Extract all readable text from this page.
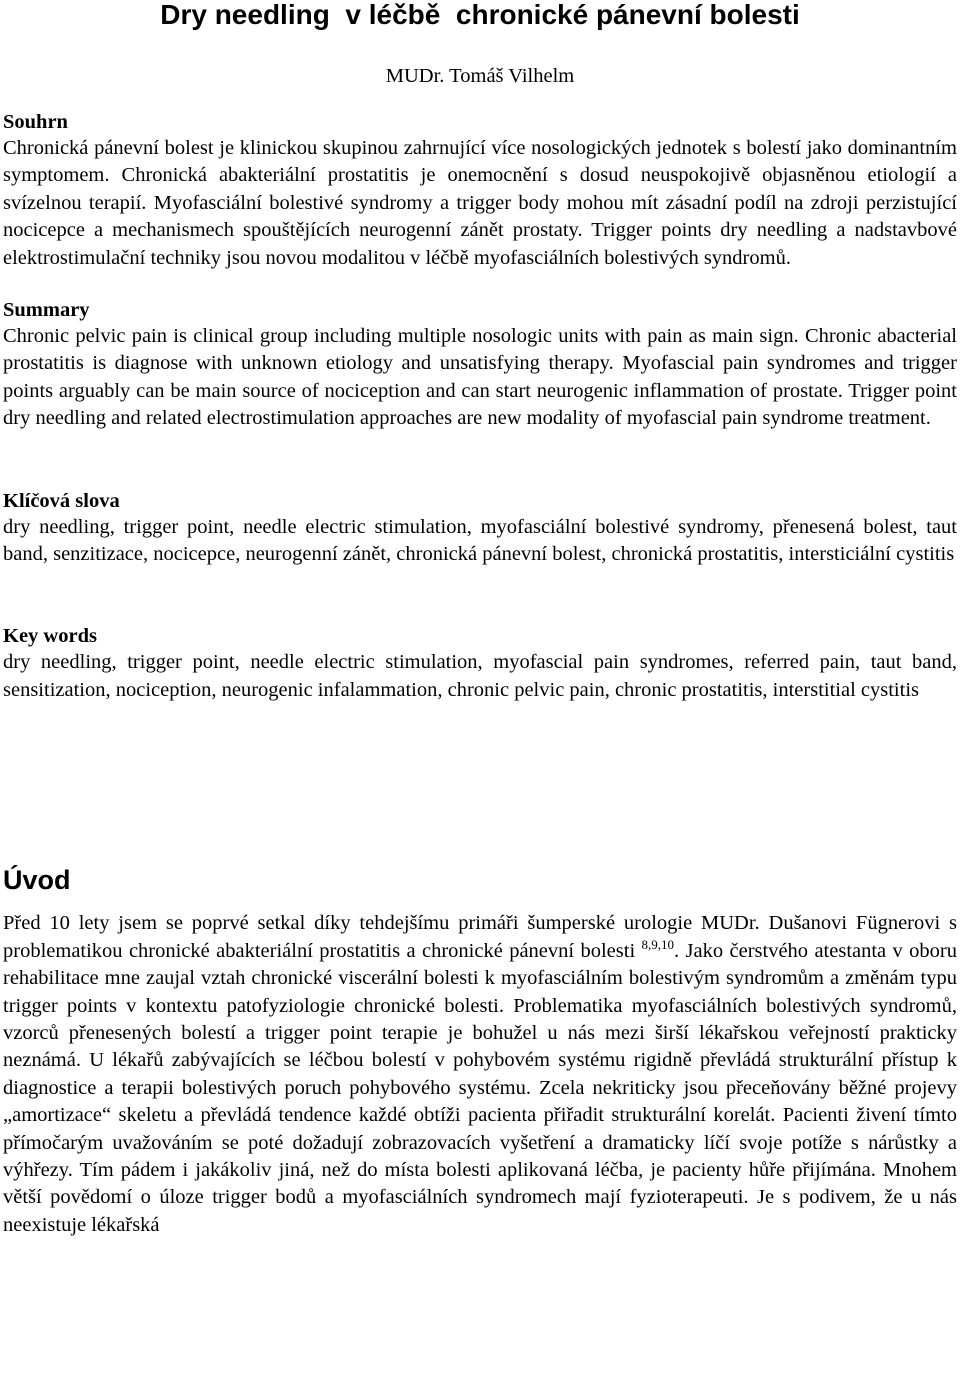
Dry needling  v léčbě  chronické pánevní bolesti
MUDr. Tomáš Vilhelm
Souhrn

Chronická pánevní bolest je klinickou skupinou zahrnující více nosologických jednotek s bolestí jako dominantním symptomem. Chronická abakteriální prostatitis je onemocnění s dosud neuspokojivě objasněnou etiologií a svízelnou terapií. Myofasciální bolestivé syndromy a trigger body mohou mít zásadní podíl na zdroji perzistující nocicepce a mechanismech spouštějících neurogenní zánět prostaty. Trigger points dry needling a nadstavbové elektrostimulační techniky jsou novou modalitou v léčbě myofasciálních bolestivých syndromů.

Summary

Chronic pelvic pain is clinical group including multiple nosologic units with pain as main sign. Chronic abacterial prostatitis is diagnose with unknown etiology and unsatisfying therapy. Myofascial pain syndromes and trigger points arguably can be main source of nociception and can start neurogenic inflammation of prostate. Trigger point dry needling and related electrostimulation approaches are new modality of myofascial pain syndrome treatment.

Klíčová slova

dry needling, trigger point, needle electric stimulation, myofasciální bolestivé syndromy, přenesená bolest, taut band, senzitizace, nocicepce, neurogenní zánět, chronická pánevní bolest, chronická prostatitis, intersticiální cystitis

Key words

dry needling, trigger point, needle electric stimulation, myofascial pain syndromes, referred pain, taut band, sensitization, nociception, neurogenic infalammation, chronic pelvic pain, chronic prostatitis, interstitial cystitis

Úvod

Před 10 lety jsem se poprvé setkal díky tehdejšímu primáři šumperské urologie MUDr. Dušanovi Fügnerovi s problematikou chronické abakteriální prostatitis a chronické pánevní bolesti $^{8,9,10}$. Jako čerstvého atestanta v oboru rehabilitace mne zaujal vztah chronické viscerální bolesti k myofasciálním bolestivým syndromům a změnám typu trigger points v kontextu patofyziologie chronické bolesti. Problematika myofasciálních bolestivých syndromů, vzorců přenesených bolestí a trigger point terapie je bohužel u nás mezi širší lékařskou veřejností prakticky neznámá. U lékařů zabývajících se léčbou bolestí v pohybovém systému rigidně převládá strukturální přístup k diagnostice a terapii bolestivých poruch pohybového systému. Zcela nekriticky jsou přeceňovány běžné projevy „amortizace“ skeletu a převládá tendence každé obtíži pacienta přiřadit strukturální korelát. Pacienti živení tímto přímočarým uvažováním se poté dožadují zobrazovacích vyšetření a dramaticky líčí svoje potíže s nárůstky a výhřezy. Tím pádem i jakákoliv jiná, než do místa bolesti aplikovaná léčba, je pacienty hůře přijímána. Mnohem větší povědomí o úloze trigger bodů a myofasciálních syndromech mají fyzioterapeuti. Je s podivem, že u nás neexistuje lékařská
